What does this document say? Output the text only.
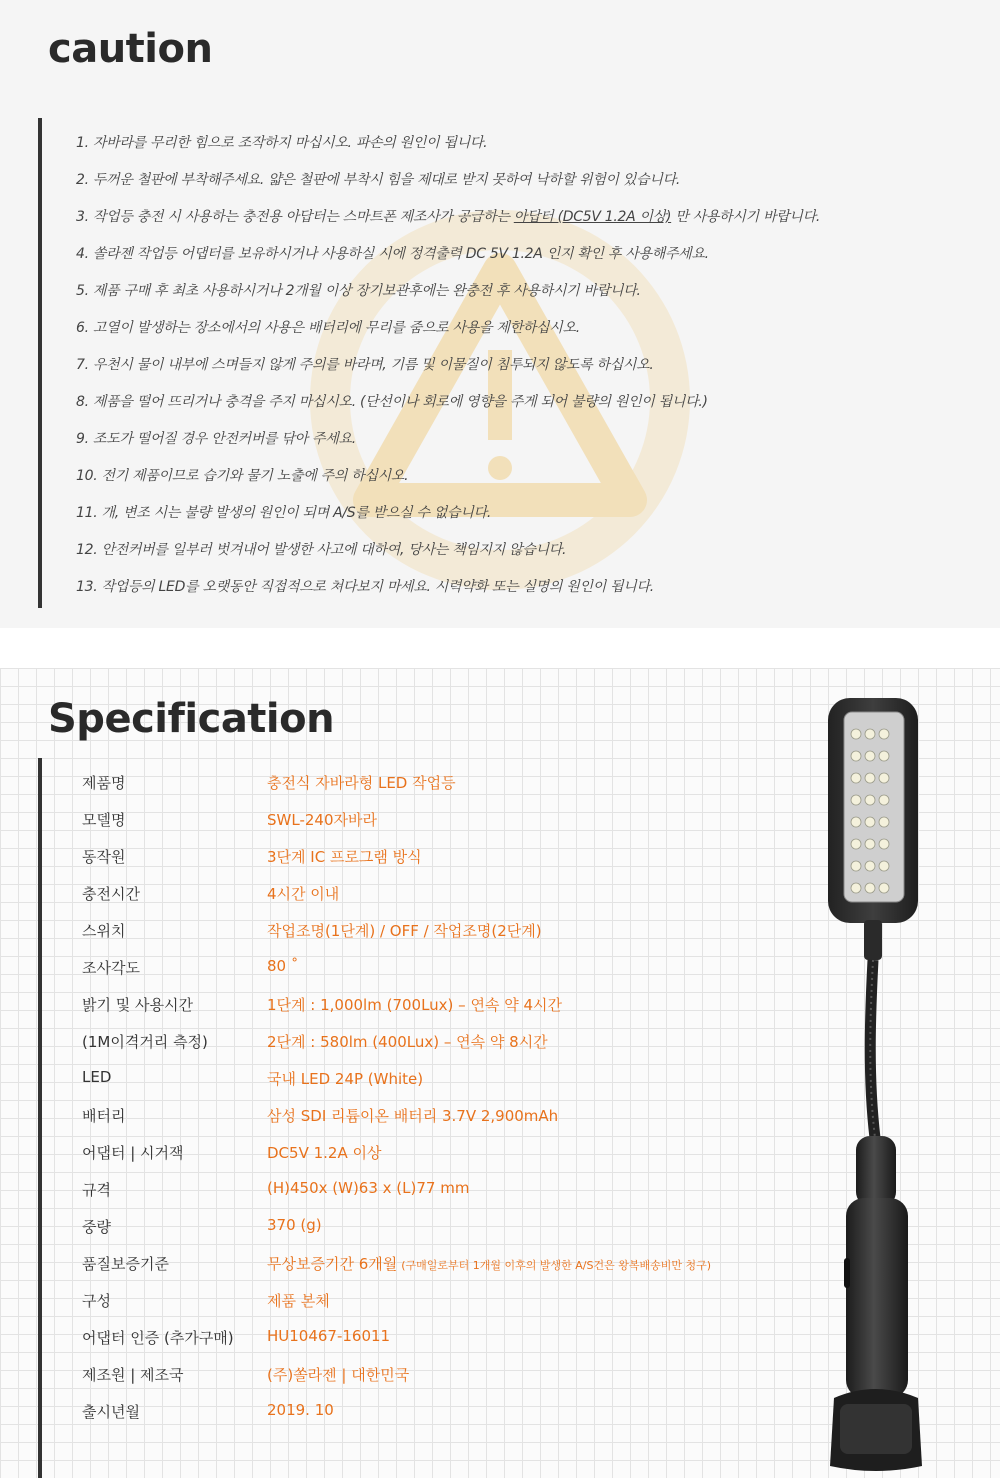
caution
1. 자바라를 무리한 힘으로 조작하지 마십시오. 파손의 원인이 됩니다.
2. 두꺼운 철판에 부착해주세요. 얇은 철판에 부착시 힘을 제대로 받지 못하여 낙하할 위험이 있습니다.
3. 작업등 충전 시 사용하는 충전용 아답터는 스마트폰 제조사가 공급하는 아답터 (DC5V 1.2A 이상) 만 사용하시기 바랍니다.
4. 쏠라젠 작업등 어댑터를 보유하시거나 사용하실 시에 정격출력 DC 5V 1.2A 인지 확인 후 사용해주세요.
5. 제품 구매 후 최초 사용하시거나 2개월 이상 장기보관후에는 완충전 후 사용하시기 바랍니다.
6. 고열이 발생하는 장소에서의 사용은 배터리에 무리를 줌으로 사용을 제한하십시오.
7. 우천시 물이 내부에 스며들지 않게 주의를 바라며, 기름 및 이물질이 침투되지 않도록 하십시오.
8. 제품을 떨어 뜨리거나 충격을 주지 마십시오. (단선이나 회로에 영향을 주게 되어 불량의 원인이 됩니다.)
9. 조도가 떨어질 경우 안전커버를 닦아 주세요.
10. 전기 제품이므로 습기와 물기 노출에 주의 하십시오.
11. 개, 변조 시는 불량 발생의 원인이 되며 A/S를 받으실 수 없습니다.
12. 안전커버를 일부러 벗겨내어 발생한 사고에 대하여, 당사는 책임지지 않습니다.
13. 작업등의 LED를 오랫동안 직접적으로 쳐다보지 마세요. 시력약화 또는 실명의 원인이 됩니다.
Specification
제품명	충전식 자바라형 LED 작업등
모델명	SWL-240자바라
동작원	3단계 IC 프로그램 방식
충전시간	4시간 이내
스위치	작업조명(1단계) / OFF / 작업조명(2단계)
조사각도	80 ˚
밝기 및 사용시간	1단계 : 1,000lm (700Lux) – 연속 약 4시간
(1M이격거리 측정)	2단계 : 580lm (400Lux) – 연속 약 8시간
LED	국내 LED 24P (White)
배터리	삼성 SDI 리튬이온 배터리 3.7V 2,900mAh
어댑터 | 시거잭	DC5V 1.2A 이상
규격	(H)450x (W)63 x (L)77 mm
중량	370 (g)
품질보증기준	무상보증기간 6개월 (구매일로부터 1개월 이후의 발생한 A/S건은 왕복배송비만 청구)
구성	제품 본체
어댑터 인증 (추가구매) HU10467-16011
제조원 | 제조국	(주)쏠라젠 | 대한민국
출시년월	2019. 10
